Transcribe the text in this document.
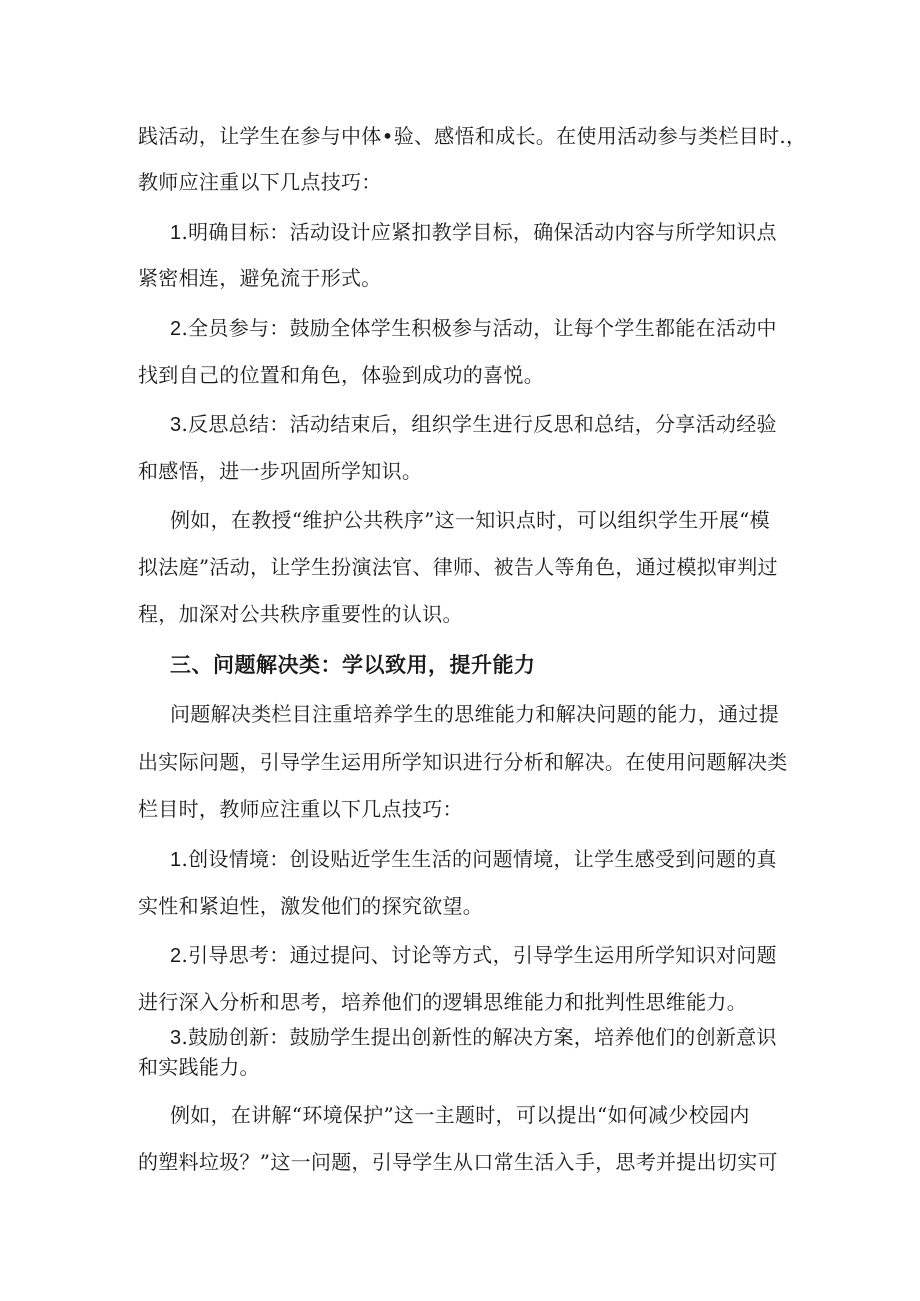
践活动，让学生在参与中体•验、感悟和成长。在使用活动参与类栏目时.，
教师应注重以下几点技巧：
1.明确目标：活动设计应紧扣教学目标，确保活动内容与所学知识点
紧密相连，避免流于形式。
2.全员参与：鼓励全体学生积极参与活动，让每个学生都能在活动中
找到自己的位置和角色，体验到成功的喜悦。
3.反思总结：活动结束后，组织学生进行反思和总结，分享活动经验
和感悟，进一步巩固所学知识。
例如，在教授“维护公共秩序”这一知识点时，可以组织学生开展“模
拟法庭”活动，让学生扮演法官、律师、被告人等角色，通过模拟审判过
程，加深对公共秩序重要性的认识。
三、问题解决类：学以致用，提升能力
问题解决类栏目注重培养学生的思维能力和解决问题的能力，通过提
出实际问题，引导学生运用所学知识进行分析和解决。在使用问题解决类
栏目时，教师应注重以下几点技巧：
1.创设情境：创设贴近学生生活的问题情境，让学生感受到问题的真
实性和紧迫性，激发他们的探究欲望。
2.引导思考：通过提问、讨论等方式，引导学生运用所学知识对问题
进行深入分析和思考，培养他们的逻辑思维能力和批判性思维能力。
3.鼓励创新：鼓励学生提出创新性的解决方案，培养他们的创新意识
和实践能力。
例如，在讲解“环境保护”这一主题时，可以提出“如何减少校园内
的塑料垃圾？”这一问题，引导学生从口常生活入手，思考并提出切实可
